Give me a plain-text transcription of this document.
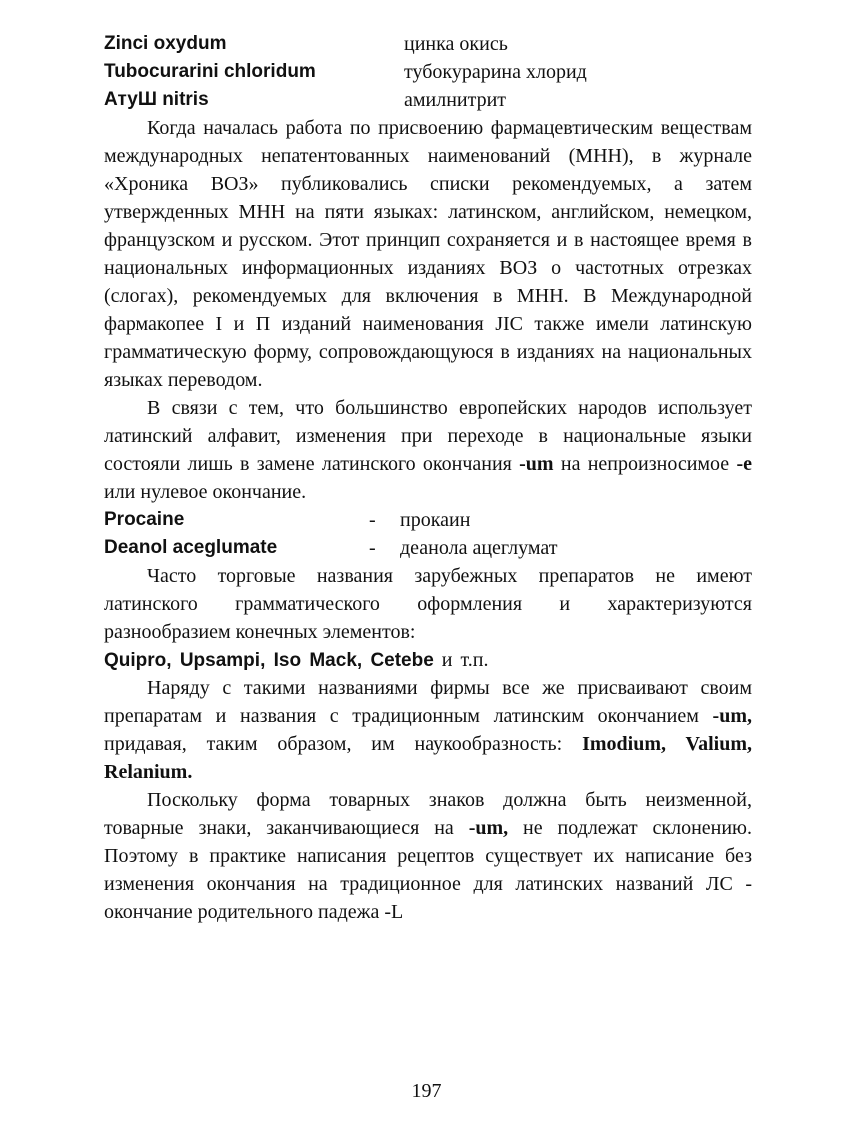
Zinci oxydum	цинка окись
Tubocurarini chloridum	тубокурарина хлорид
АтуШ nitris	амилнитрит

Когда началась работа по присвоению фармацевтическим веществам международных непатентованных наименований (МНН), в журнале «Хроника ВОЗ» публиковались списки рекомендуемых, а затем утвержденных МНН на пяти языках: латинском, английском, немецком, французском и русском. Этот принцип сохраняется и в настоящее время в национальных информационных изданиях ВОЗ о частотных отрезках (слогах), рекомендуемых для включения в МНН. В Международной фармакопее I и П изданий наименования JIC также имели латинскую грамматическую форму, сопровождающуюся в изданиях на национальных языках переводом.

В связи с тем, что большинство европейских народов использует латинский алфавит, изменения при переходе в национальные языки состояли лишь в замене латинского окончания -um на непроизносимое -е или нулевое окончание.

Procaine	- прокаин
Deanol aceglumate	- деанола ацеглумат

Часто торговые названия зарубежных препаратов не имеют латинского грамматического оформления и характеризуются разнообразием конечных элементов:

Quipro, Upsampi, Iso Mack, Cetebe и т.п.

Наряду с такими названиями фирмы все же присваивают своим препаратам и названия с традиционным латинским окончанием -um, придавая, таким образом, им наукообразность: Imodium, Valium, Relanium.

Поскольку форма товарных знаков должна быть неизменной, товарные знаки, заканчивающиеся на -um, не подлежат склонению. Поэтому в практике написания рецептов существует их написание без изменения окончания на традиционное для латинских названий ЛС - окончание родительного падежа -L

197
